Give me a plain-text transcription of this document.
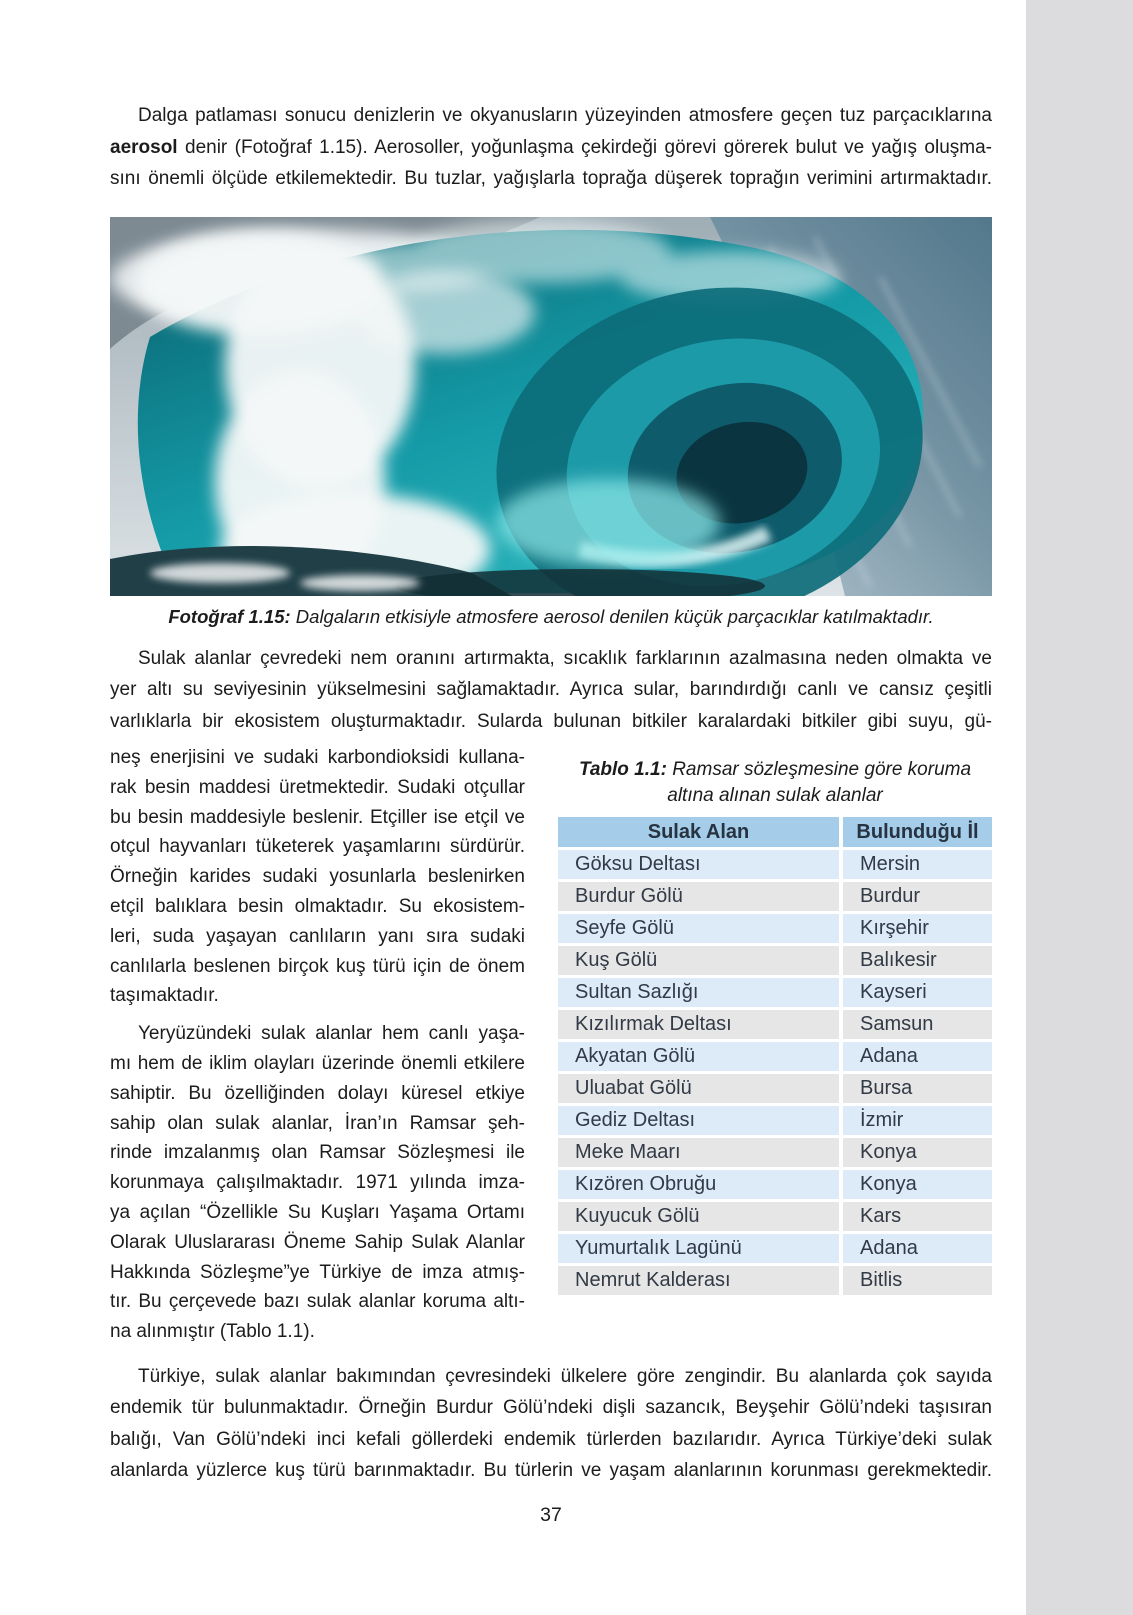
Dalga patlaması sonucu denizlerin ve okyanusların yüzeyinden atmosfere geçen tuz parçacıklarına
aerosol denir (Fotoğraf 1.15). Aerosoller, yoğunlaşma çekirdeği görevi görerek bulut ve yağış oluşma-
sını önemli ölçüde etkilemektedir. Bu tuzlar, yağışlarla toprağa düşerek toprağın verimini artırmaktadır.
Fotoğraf 1.15: Dalgaların etkisiyle atmosfere aerosol denilen küçük parçacıklar katılmaktadır.
Sulak alanlar çevredeki nem oranını artırmakta, sıcaklık farklarının azalmasına neden olmakta ve
yer altı su seviyesinin yükselmesini sağlamaktadır. Ayrıca sular, barındırdığı canlı ve cansız çeşitli
varlıklarla bir ekosistem oluşturmaktadır. Sularda bulunan bitkiler karalardaki bitkiler gibi suyu, gü-
neş enerjisini ve sudaki karbondioksidi kullana-
rak besin maddesi üretmektedir. Sudaki otçullar
bu besin maddesiyle beslenir. Etçiller ise etçil ve
otçul hayvanları tüketerek yaşamlarını sürdürür.
Örneğin karides sudaki yosunlarla beslenirken
etçil balıklara besin olmaktadır. Su ekosistem-
leri, suda yaşayan canlıların yanı sıra sudaki
canlılarla beslenen birçok kuş türü için de önem
taşımaktadır.
Yeryüzündeki sulak alanlar hem canlı yaşa-
mı hem de iklim olayları üzerinde önemli etkilere
sahiptir. Bu özelliğinden dolayı küresel etkiye
sahip olan sulak alanlar, İran’ın Ramsar şeh-
rinde imzalanmış olan Ramsar Sözleşmesi ile
korunmaya çalışılmaktadır. 1971 yılında imza-
ya açılan “Özellikle Su Kuşları Yaşama Ortamı
Olarak Uluslararası Öneme Sahip Sulak Alanlar
Hakkında Sözleşme”ye Türkiye de imza atmış-
tır. Bu çerçevede bazı sulak alanlar koruma altı-
na alınmıştır (Tablo 1.1).
Tablo 1.1: Ramsar sözleşmesine göre koruma altına alınan sulak alanlar
Sulak Alan	Bulunduğu İl
Göksu Deltası	Mersin
Burdur Gölü	Burdur
Seyfe Gölü	Kırşehir
Kuş Gölü	Balıkesir
Sultan Sazlığı	Kayseri
Kızılırmak Deltası	Samsun
Akyatan Gölü	Adana
Uluabat Gölü	Bursa
Gediz Deltası	İzmir
Meke Maarı	Konya
Kızören Obruğu	Konya
Kuyucuk Gölü	Kars
Yumurtalık Lagünü	Adana
Nemrut Kalderası	Bitlis
Türkiye, sulak alanlar bakımından çevresindeki ülkelere göre zengindir. Bu alanlarda çok sayıda
endemik tür bulunmaktadır. Örneğin Burdur Gölü’ndeki dişli sazancık, Beyşehir Gölü’ndeki taşısıran
balığı, Van Gölü’ndeki inci kefali göllerdeki endemik türlerden bazılarıdır. Ayrıca Türkiye’deki sulak
alanlarda yüzlerce kuş türü barınmaktadır. Bu türlerin ve yaşam alanlarının korunması gerekmektedir.
37
